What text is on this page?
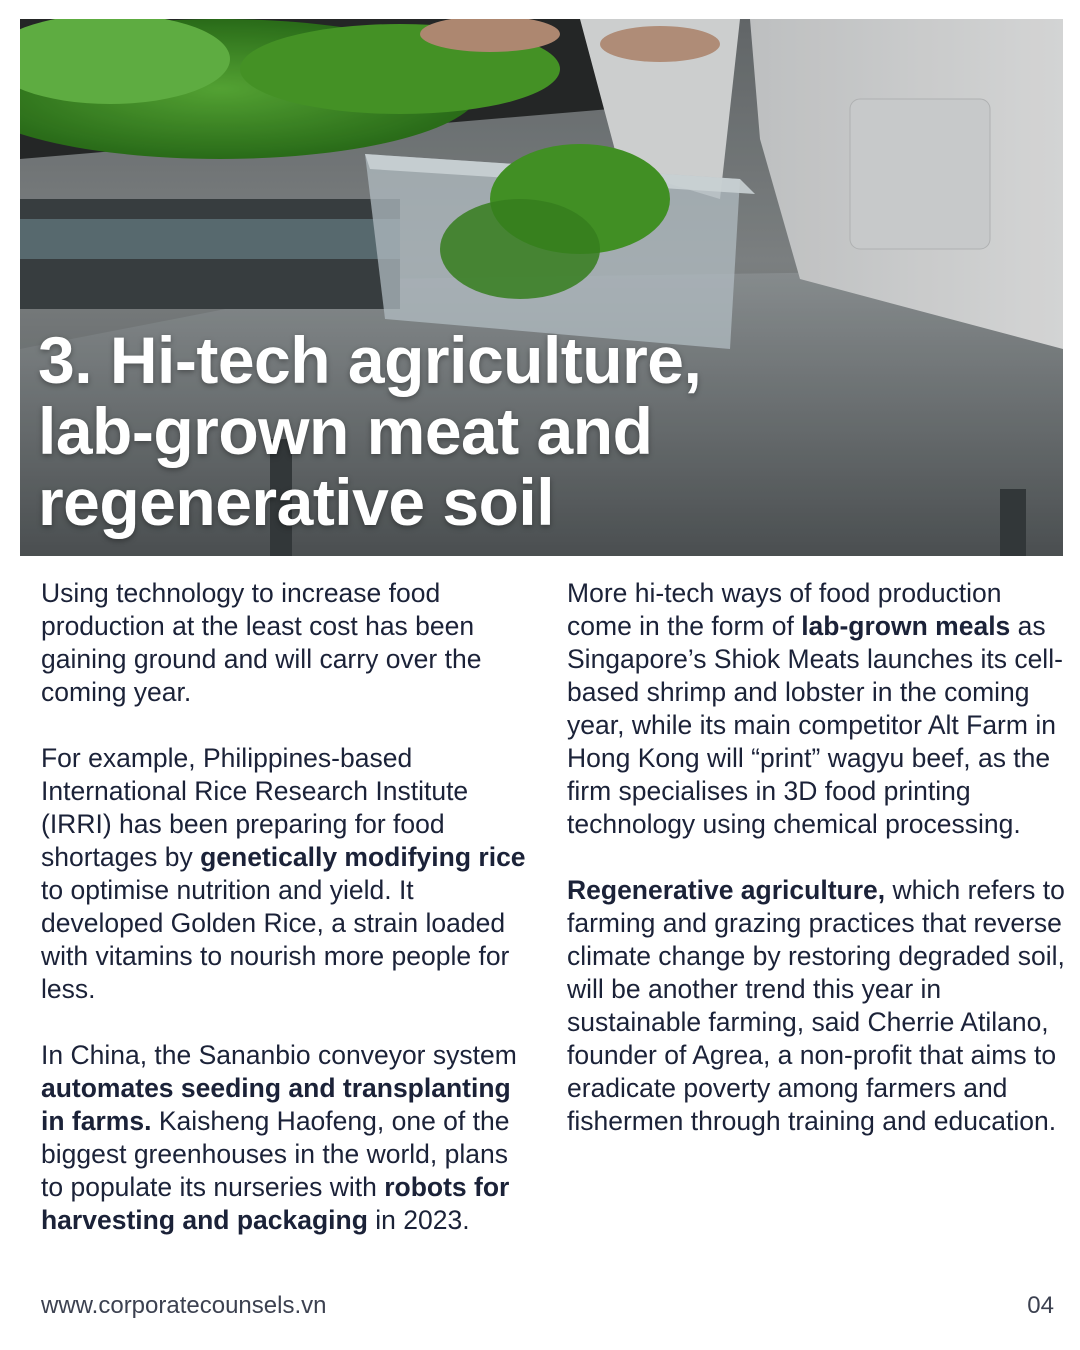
3. Hi-tech agriculture,
lab-grown meat and
regenerative soil

Using technology to increase food production at the least cost has been gaining ground and will carry over the coming year.

For example, Philippines-based International Rice Research Institute (IRRI) has been preparing for food shortages by genetically modifying rice to optimise nutrition and yield. It developed Golden Rice, a strain loaded with vitamins to nourish more people for less.

In China, the Sananbio conveyor system automates seeding and transplanting in farms. Kaisheng Haofeng, one of the biggest greenhouses in the world, plans to populate its nurseries with robots for harvesting and packaging in 2023.

More hi-tech ways of food production come in the form of lab-grown meals as Singapore’s Shiok Meats launches its cell-based shrimp and lobster in the coming year, while its main competitor Alt Farm in Hong Kong will “print” wagyu beef, as the firm specialises in 3D food printing technology using chemical processing.

Regenerative agriculture, which refers to farming and grazing practices that reverse climate change by restoring degraded soil, will be another trend this year in sustainable farming, said Cherrie Atilano, founder of Agrea, a non-profit that aims to eradicate poverty among farmers and fishermen through training and education.

www.corporatecounsels.vn	04
